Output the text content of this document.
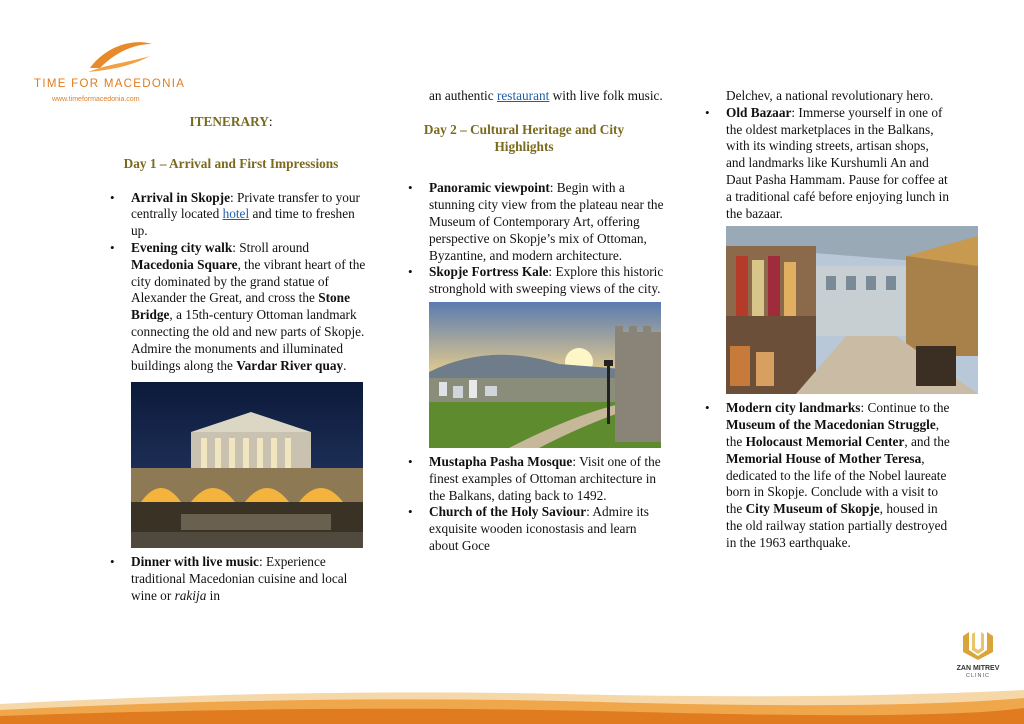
TIME FOR MACEDONIA
www.timeformacedonia.com
ITENERARY:
Day 1 – Arrival and First Impressions
• Arrival in Skopje: Private transfer to your centrally located hotel and time to freshen up.
• Evening city walk: Stroll around Macedonia Square, the vibrant heart of the city dominated by the grand statue of Alexander the Great, and cross the Stone Bridge, a 15th-century Ottoman landmark connecting the old and new parts of Skopje. Admire the monuments and illuminated buildings along the Vardar River quay.
• Dinner with live music: Experience traditional Macedonian cuisine and local wine or rakija in
an authentic restaurant with live folk music.
Day 2 – Cultural Heritage and City Highlights
• Panoramic viewpoint: Begin with a stunning city view from the plateau near the Museum of Contemporary Art, offering perspective on Skopje’s mix of Ottoman, Byzantine, and modern architecture.
• Skopje Fortress Kale: Explore this historic stronghold with sweeping views of the city.
• Mustapha Pasha Mosque: Visit one of the finest examples of Ottoman architecture in the Balkans, dating back to 1492.
• Church of the Holy Saviour: Admire its exquisite wooden iconostasis and learn about Goce
Delchev, a national revolutionary hero.
• Old Bazaar: Immerse yourself in one of the oldest marketplaces in the Balkans, with its winding streets, artisan shops, and landmarks like Kurshumli An and Daut Pasha Hammam. Pause for coffee at a traditional café before enjoying lunch in the bazaar.
• Modern city landmarks: Continue to the Museum of the Macedonian Struggle, the Holocaust Memorial Center, and the Memorial House of Mother Teresa, dedicated to the life of the Nobel laureate born in Skopje. Conclude with a visit to the City Museum of Skopje, housed in the old railway station partially destroyed in the 1963 earthquake.
ZAN MITREV
CLINIC
